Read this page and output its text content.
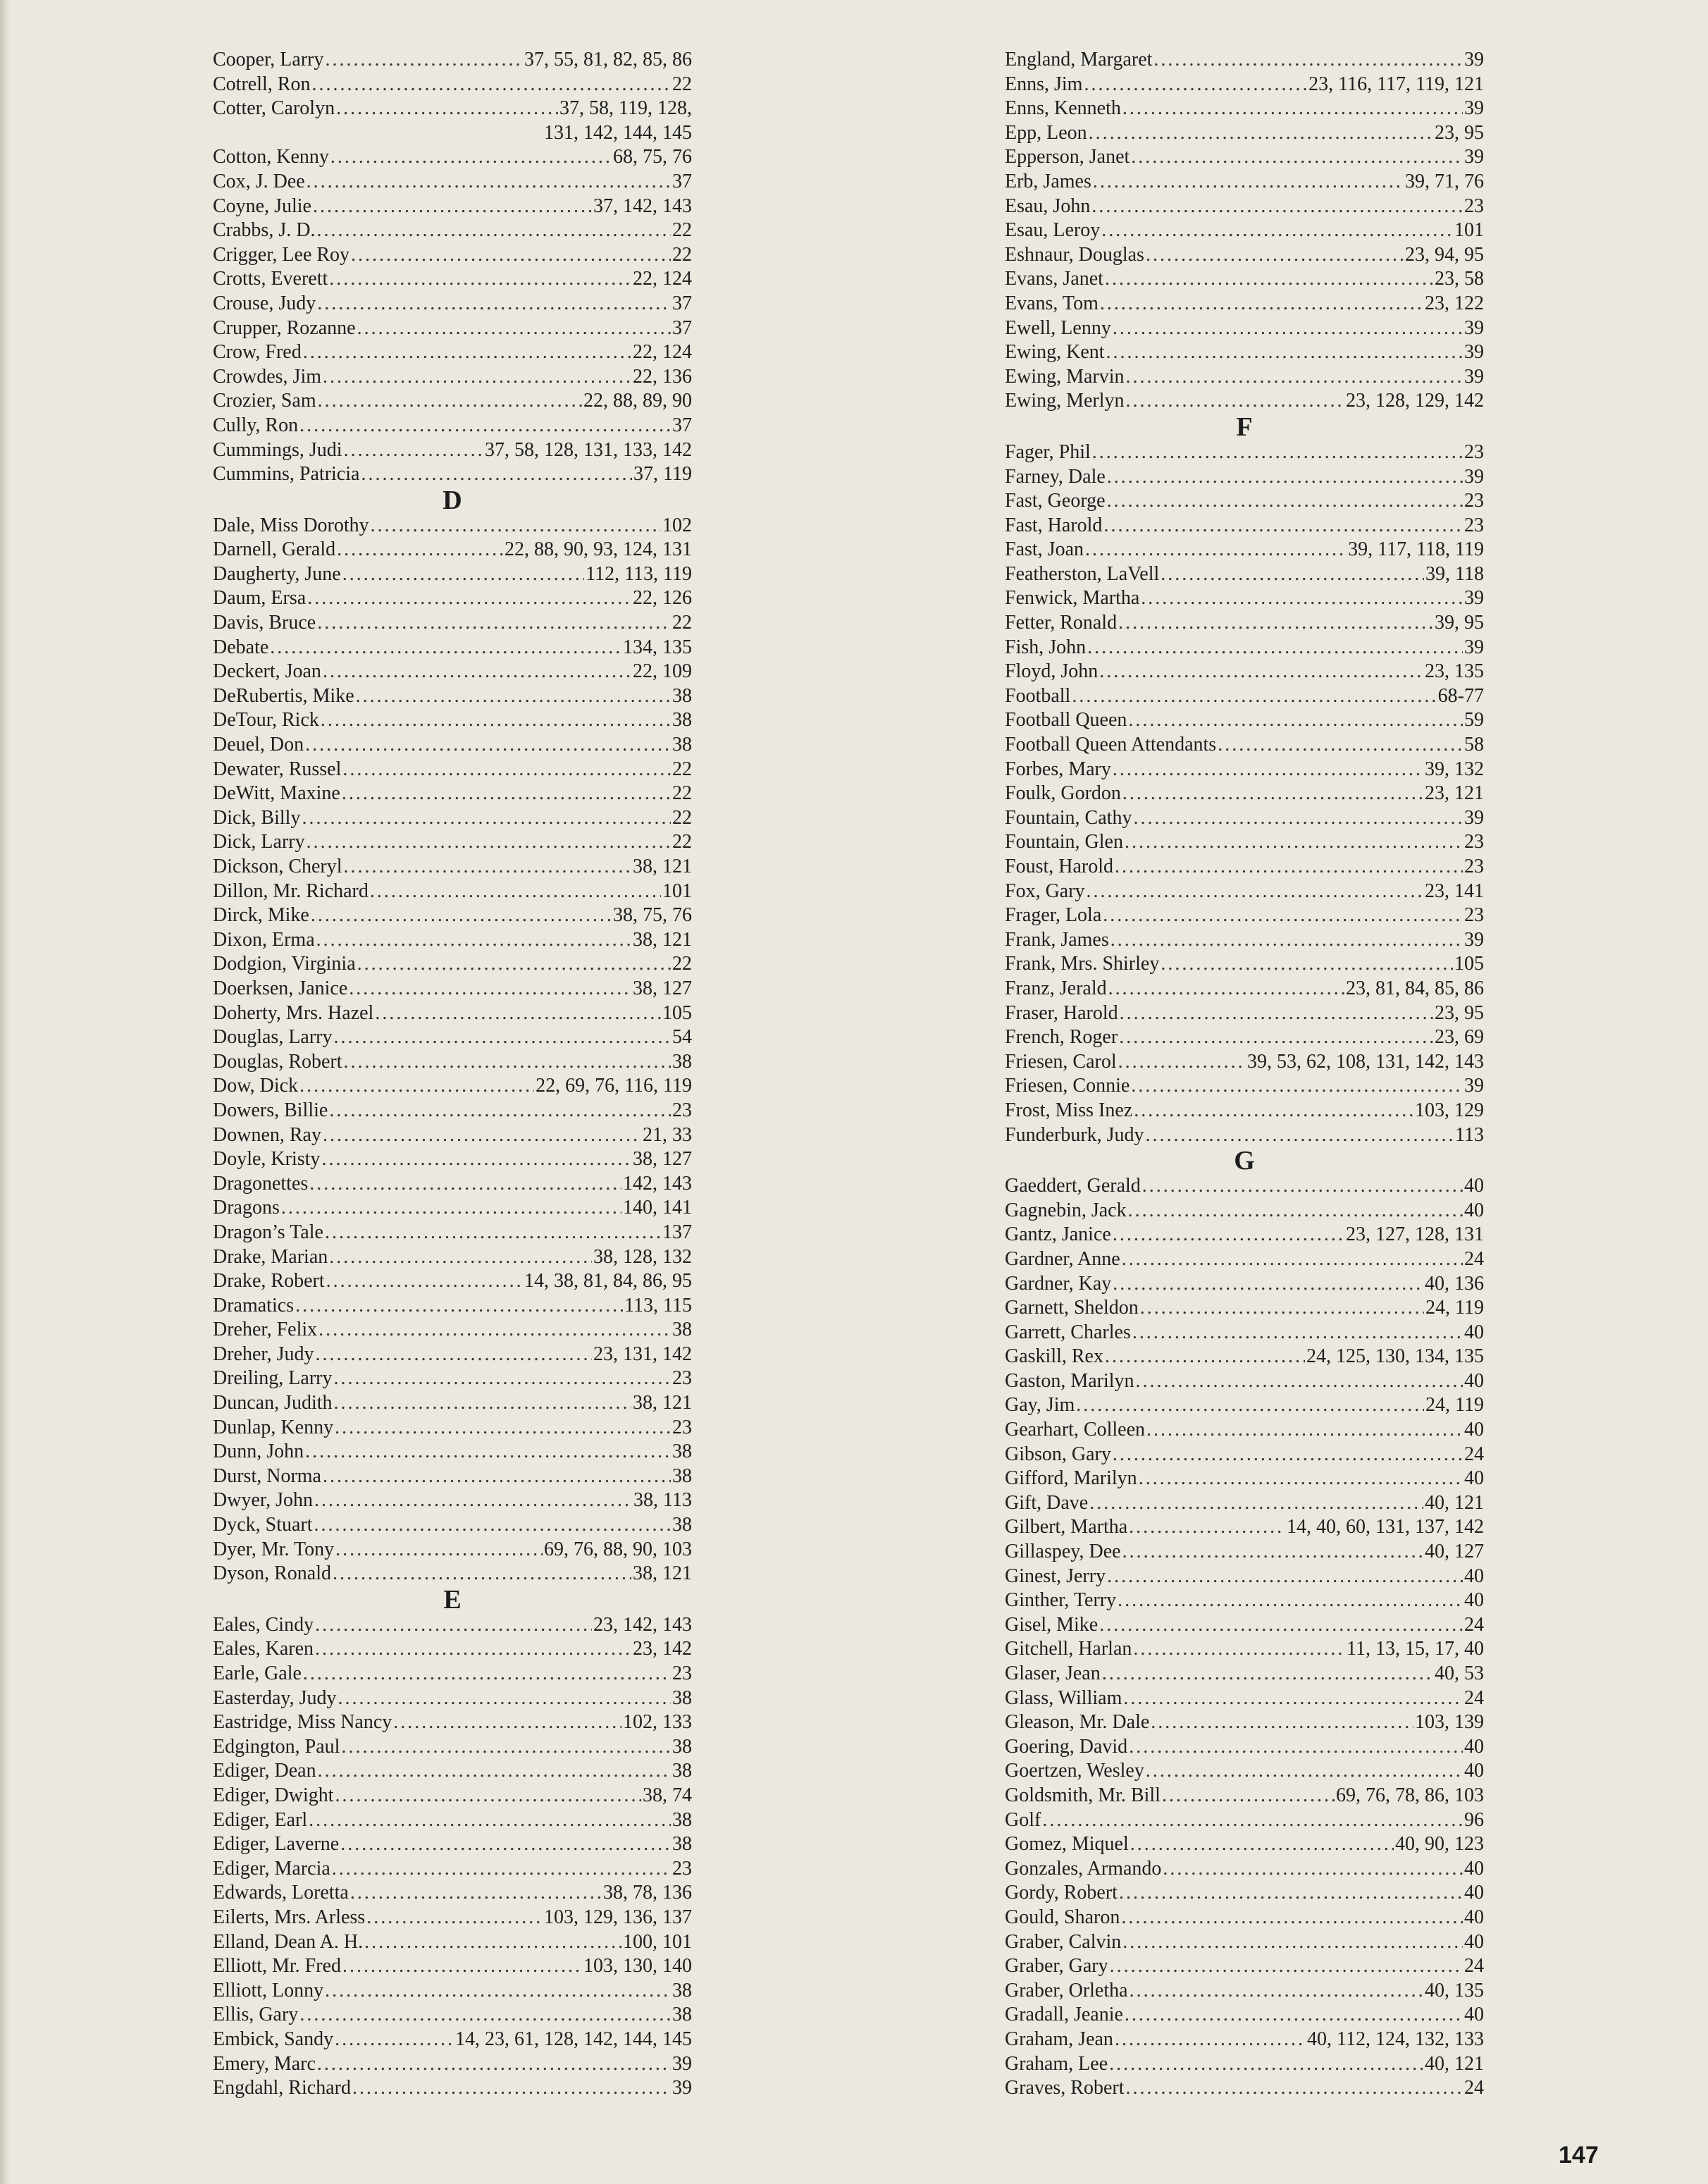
Cooper, Larry .....	37, 55, 81, 82, 85, 86
Cotrell, Ron .....	22
Cotter, Carolyn .....	37, 58, 119, 128,
131, 142, 144, 145
Cotton, Kenny .....	68, 75, 76
Cox, J. Dee .....	37
Coyne, Julie .....	37, 142, 143
Crabbs, J. D. .....	22
Crigger, Lee Roy .....	22
Crotts, Everett .....	22, 124
Crouse, Judy .....	37
Crupper, Rozanne .....	37
Crow, Fred .....	22, 124
Crowdes, Jim .....	22, 136
Crozier, Sam .....	22, 88, 89, 90
Cully, Ron .....	37
Cummings, Judi .....	37, 58, 128, 131, 133, 142
Cummins, Patricia .....	37, 119
D
Dale, Miss Dorothy .....	102
Darnell, Gerald .....	22, 88, 90, 93, 124, 131
Daugherty, June .....	112, 113, 119
Daum, Ersa .....	22, 126
Davis, Bruce .....	22
Debate .....	134, 135
Deckert, Joan .....	22, 109
DeRubertis, Mike .....	38
DeTour, Rick .....	38
Deuel, Don .....	38
Dewater, Russel .....	22
DeWitt, Maxine .....	22
Dick, Billy .....	22
Dick, Larry .....	22
Dickson, Cheryl .....	38, 121
Dillon, Mr. Richard .....	101
Dirck, Mike .....	38, 75, 76
Dixon, Erma .....	38, 121
Dodgion, Virginia .....	22
Doerksen, Janice .....	38, 127
Doherty, Mrs. Hazel .....	105
Douglas, Larry .....	54
Douglas, Robert .....	38
Dow, Dick .....	22, 69, 76, 116, 119
Dowers, Billie .....	23
Downen, Ray .....	21, 33
Doyle, Kristy .....	38, 127
Dragonettes .....	142, 143
Dragons .....	140, 141
Dragon’s Tale .....	137
Drake, Marian .....	38, 128, 132
Drake, Robert .....	14, 38, 81, 84, 86, 95
Dramatics .....	113, 115
Dreher, Felix .....	38
Dreher, Judy .....	23, 131, 142
Dreiling, Larry .....	23
Duncan, Judith .....	38, 121
Dunlap, Kenny .....	23
Dunn, John .....	38
Durst, Norma .....	38
Dwyer, John .....	38, 113
Dyck, Stuart .....	38
Dyer, Mr. Tony .....	69, 76, 88, 90, 103
Dyson, Ronald .....	38, 121
E
Eales, Cindy .....	23, 142, 143
Eales, Karen .....	23, 142
Earle, Gale .....	23
Easterday, Judy .....	38
Eastridge, Miss Nancy .....	102, 133
Edgington, Paul .....	38
Ediger, Dean .....	38
Ediger, Dwight .....	38, 74
Ediger, Earl .....	38
Ediger, Laverne .....	38
Ediger, Marcia .....	23
Edwards, Loretta .....	38, 78, 136
Eilerts, Mrs. Arless .....	103, 129, 136, 137
Elland, Dean A. H. .....	100, 101
Elliott, Mr. Fred .....	103, 130, 140
Elliott, Lonny .....	38
Ellis, Gary .....	38
Embick, Sandy .....	14, 23, 61, 128, 142, 144, 145
Emery, Marc .....	39
Engdahl, Richard .....	39
England, Margaret .....	39
Enns, Jim .....	23, 116, 117, 119, 121
Enns, Kenneth .....	39
Epp, Leon .....	23, 95
Epperson, Janet .....	39
Erb, James .....	39, 71, 76
Esau, John .....	23
Esau, Leroy .....	101
Eshnaur, Douglas .....	23, 94, 95
Evans, Janet .....	23, 58
Evans, Tom .....	23, 122
Ewell, Lenny .....	39
Ewing, Kent .....	39
Ewing, Marvin .....	39
Ewing, Merlyn .....	23, 128, 129, 142
F
Fager, Phil .....	23
Farney, Dale .....	39
Fast, George .....	23
Fast, Harold .....	23
Fast, Joan .....	39, 117, 118, 119
Featherston, LaVell .....	39, 118
Fenwick, Martha .....	39
Fetter, Ronald .....	39, 95
Fish, John .....	39
Floyd, John .....	23, 135
Football .....	68-77
Football Queen .....	59
Football Queen Attendants .....	58
Forbes, Mary .....	39, 132
Foulk, Gordon .....	23, 121
Fountain, Cathy .....	39
Fountain, Glen .....	23
Foust, Harold .....	23
Fox, Gary .....	23, 141
Frager, Lola .....	23
Frank, James .....	39
Frank, Mrs. Shirley .....	105
Franz, Jerald .....	23, 81, 84, 85, 86
Fraser, Harold .....	23, 95
French, Roger .....	23, 69
Friesen, Carol .....	39, 53, 62, 108, 131, 142, 143
Friesen, Connie .....	39
Frost, Miss Inez .....	103, 129
Funderburk, Judy .....	113
G
Gaeddert, Gerald .....	40
Gagnebin, Jack .....	40
Gantz, Janice .....	23, 127, 128, 131
Gardner, Anne .....	24
Gardner, Kay .....	40, 136
Garnett, Sheldon .....	24, 119
Garrett, Charles .....	40
Gaskill, Rex .....	24, 125, 130, 134, 135
Gaston, Marilyn .....	40
Gay, Jim .....	24, 119
Gearhart, Colleen .....	40
Gibson, Gary .....	24
Gifford, Marilyn .....	40
Gift, Dave .....	40, 121
Gilbert, Martha .....	14, 40, 60, 131, 137, 142
Gillaspey, Dee .....	40, 127
Ginest, Jerry .....	40
Ginther, Terry .....	40
Gisel, Mike .....	24
Gitchell, Harlan .....	11, 13, 15, 17, 40
Glaser, Jean .....	40, 53
Glass, William .....	24
Gleason, Mr. Dale .....	103, 139
Goering, David .....	40
Goertzen, Wesley .....	40
Goldsmith, Mr. Bill .....	69, 76, 78, 86, 103
Golf .....	96
Gomez, Miquel .....	40, 90, 123
Gonzales, Armando .....	40
Gordy, Robert .....	40
Gould, Sharon .....	40
Graber, Calvin .....	40
Graber, Gary .....	24
Graber, Orletha .....	40, 135
Gradall, Jeanie .....	40
Graham, Jean .....	40, 112, 124, 132, 133
Graham, Lee .....	40, 121
Graves, Robert .....	24
147
